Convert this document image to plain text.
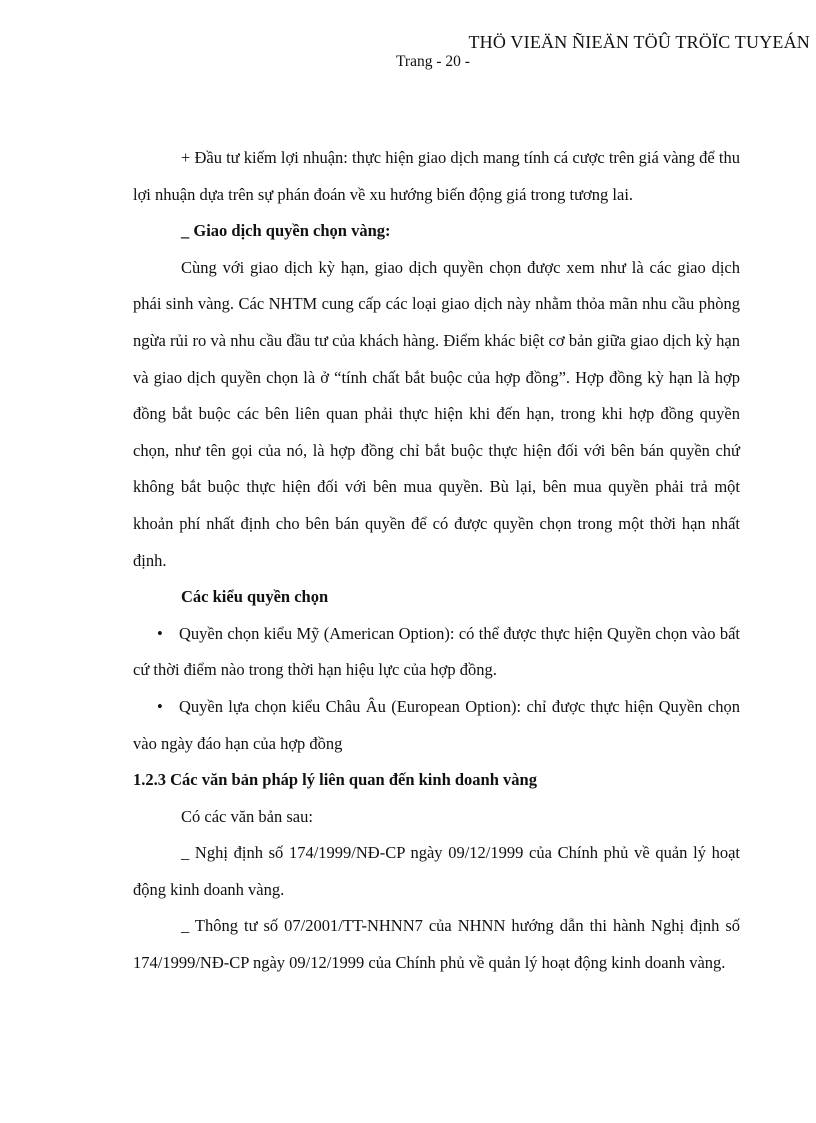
THÖ VIEÄN ÑIEÄN TÖÛ TRÖÏC TUYEÁN
Trang - 20 -

+ Đầu tư kiếm lợi nhuận: thực hiện giao dịch mang tính cá cược trên giá vàng để thu lợi nhuận dựa trên sự phán đoán về xu hướng biến động giá trong tương lai.

_ Giao dịch quyền chọn vàng:

Cùng với giao dịch kỳ hạn, giao dịch quyền chọn được xem như là các giao dịch phái sinh vàng. Các NHTM cung cấp các loại giao dịch này nhằm thỏa mãn nhu cầu phòng ngừa rủi ro và nhu cầu đầu tư của khách hàng. Điểm khác biệt cơ bản giữa giao dịch kỳ hạn và giao dịch quyền chọn là ở “tính chất bắt buộc của hợp đồng”. Hợp đồng kỳ hạn là hợp đồng bắt buộc các bên liên quan phải thực hiện khi đến hạn, trong khi hợp đồng quyền chọn, như tên gọi của nó, là hợp đồng chỉ bắt buộc thực hiện đối với bên bán quyền chứ không bắt buộc thực hiện đối với bên mua quyền. Bù lại, bên mua quyền phải trả một khoản phí nhất định cho bên bán quyền để có được quyền chọn trong một thời hạn nhất định.

Các kiểu quyền chọn

• Quyền chọn kiểu Mỹ (American Option): có thể được thực hiện Quyền chọn vào bất cứ thời điểm nào trong thời hạn hiệu lực của hợp đồng.

• Quyền lựa chọn kiểu Châu Âu (European Option): chỉ được thực hiện Quyền chọn vào ngày đáo hạn của hợp đồng

1.2.3 Các văn bản pháp lý liên quan đến kinh doanh vàng

Có các văn bản sau:

_ Nghị định số 174/1999/NĐ-CP ngày 09/12/1999 của Chính phủ về quản lý hoạt động kinh doanh vàng.

_ Thông tư số 07/2001/TT-NHNN7 của NHNN hướng dẫn thi hành Nghị định số 174/1999/NĐ-CP ngày 09/12/1999 của Chính phủ về quản lý hoạt động kinh doanh vàng.
